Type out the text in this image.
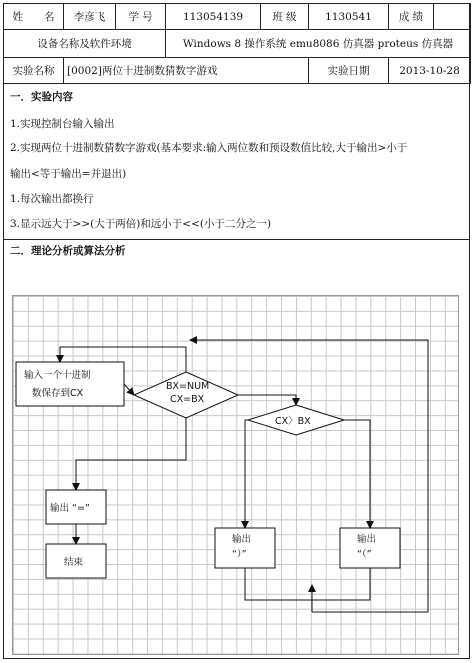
姓　　名	李彦飞	学 号	113054139	班 级	1130541	成 绩	
设备名称及软件环境			Windows 8 操作系统 emu8086 仿真器 proteus 仿真器				
实验名称	[0002]两位十进制数猜数字游戏				实验日期	2013-10-28	
一．实验内容
1.实现控制台输入输出
2.实现两位十进制数猜数字游戏(基本要求:输入两位数和预设数值比较,大于输出>小于
输出<等于输出=并退出)
1.每次输出都换行
3.显示远大于>>(大于两倍)和远小于<<(小于二分之一)
二．理论分析或算法分析
输入一个十进制
数保存到CX
BX=NUM
CX=BX
CX〉BX
输出 “=”
结束
输出
“）”
输出
“（”
